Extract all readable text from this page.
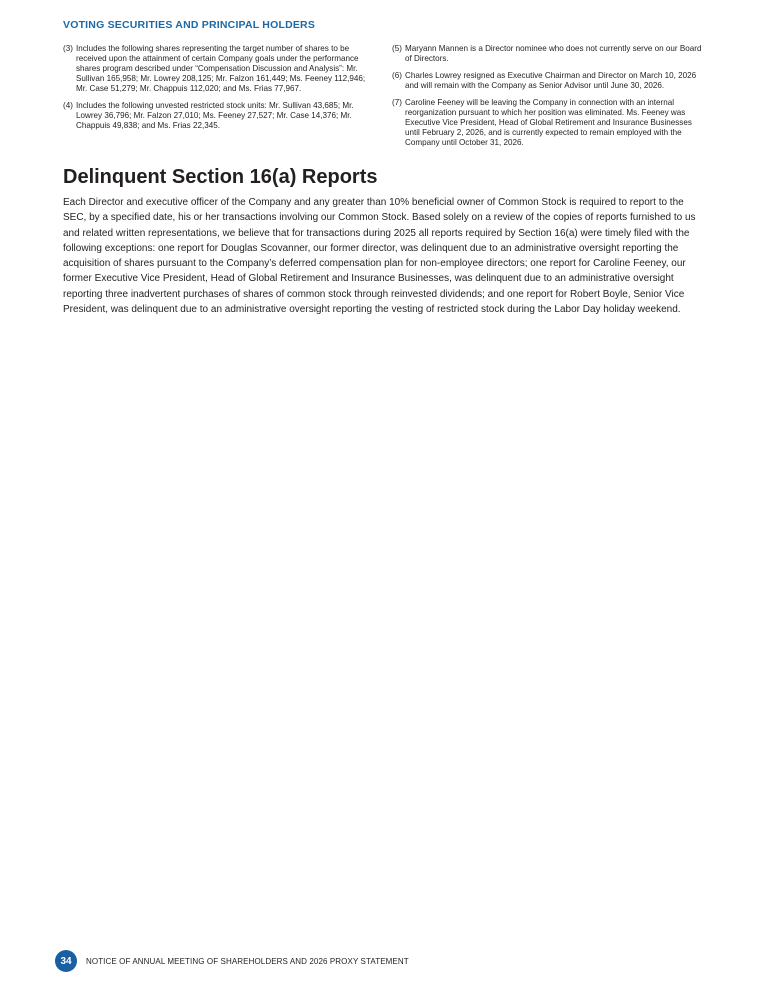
VOTING SECURITIES AND PRINCIPAL HOLDERS
(3) Includes the following shares representing the target number of shares to be received upon the attainment of certain Company goals under the performance shares program described under “Compensation Discussion and Analysis”: Mr. Sullivan 165,958; Mr. Lowrey 208,125; Mr. Falzon 161,449; Ms. Feeney 112,946; Mr. Case 51,279; Mr. Chappuis 112,020; and Ms. Frias 77,967.
(4) Includes the following unvested restricted stock units: Mr. Sullivan 43,685; Mr. Lowrey 36,796; Mr. Falzon 27,010; Ms. Feeney 27,527; Mr. Case 14,376; Mr. Chappuis 49,838; and Ms. Frias 22,345.
(5) Maryann Mannen is a Director nominee who does not currently serve on our Board of Directors.
(6) Charles Lowrey resigned as Executive Chairman and Director on March 10, 2026 and will remain with the Company as Senior Advisor until June 30, 2026.
(7) Caroline Feeney will be leaving the Company in connection with an internal reorganization pursuant to which her position was eliminated. Ms. Feeney was Executive Vice President, Head of Global Retirement and Insurance Businesses until February 2, 2026, and is currently expected to remain employed with the Company until October 31, 2026.
Delinquent Section 16(a) Reports

Each Director and executive officer of the Company and any greater than 10% beneficial owner of Common Stock is required to report to the SEC, by a specified date, his or her transactions involving our Common Stock. Based solely on a review of the copies of reports furnished to us and related written representations, we believe that for transactions during 2025 all reports required by Section 16(a) were timely filed with the following exceptions: one report for Douglas Scovanner, our former director, was delinquent due to an administrative oversight reporting the acquisition of shares pursuant to the Company’s deferred compensation plan for non-employee directors; one report for Caroline Feeney, our former Executive Vice President, Head of Global Retirement and Insurance Businesses, was delinquent due to an administrative oversight reporting three inadvertent purchases of shares of common stock through reinvested dividends; and one report for Robert Boyle, Senior Vice President, was delinquent due to an administrative oversight reporting the vesting of restricted stock during the Labor Day holiday weekend.

34	NOTICE OF ANNUAL MEETING OF SHAREHOLDERS AND 2026 PROXY STATEMENT
